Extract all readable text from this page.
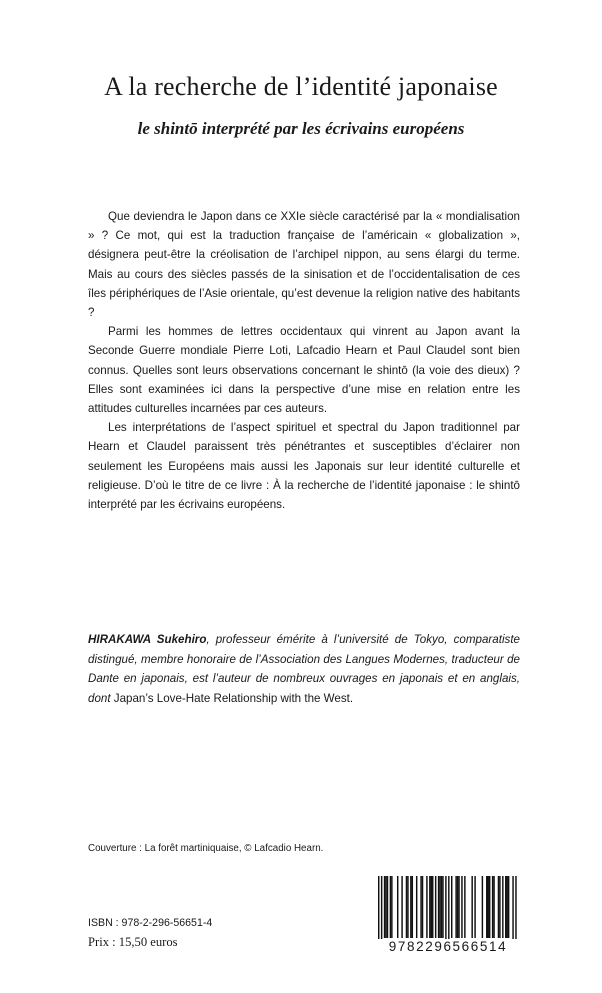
A la recherche de l’identité japonaise
le shintō interprété par les écrivains européens

Que deviendra le Japon dans ce XXIe siècle caractérisé par la « mondialisation » ? Ce mot, qui est la traduction française de l’américain « globalization », désignera peut-être la créolisation de l’archipel nippon, au sens élargi du terme. Mais au cours des siècles passés de la sinisation et de l’occidentalisation de ces îles périphériques de l’Asie orientale, qu’est devenue la religion native des habitants ?

Parmi les hommes de lettres occidentaux qui vinrent au Japon avant la Seconde Guerre mondiale Pierre Loti, Lafcadio Hearn et Paul Claudel sont bien connus. Quelles sont leurs observations concernant le shintō (la voie des dieux) ? Elles sont examinées ici dans la perspective d’une mise en relation entre les attitudes culturelles incarnées par ces auteurs.

Les interprétations de l’aspect spirituel et spectral du Japon traditionnel par Hearn et Claudel paraissent très pénétrantes et susceptibles d’éclairer non seulement les Européens mais aussi les Japonais sur leur identité culturelle et religieuse. D’où le titre de ce livre : À la recherche de l’identité japonaise : le shintō interprété par les écrivains européens.

HIRAKAWA Sukehiro, professeur émérite à l’université de Tokyo, comparatiste distingué, membre honoraire de l’Association des Langues Modernes, traducteur de Dante en japonais, est l’auteur de nombreux ouvrages en japonais et en anglais, dont Japan’s Love-Hate Relationship with the West.

Couverture : La forêt martiniquaise, © Lafcadio Hearn.

ISBN : 978-2-296-56651-4

Prix : 15,50 euros	9782296566514
